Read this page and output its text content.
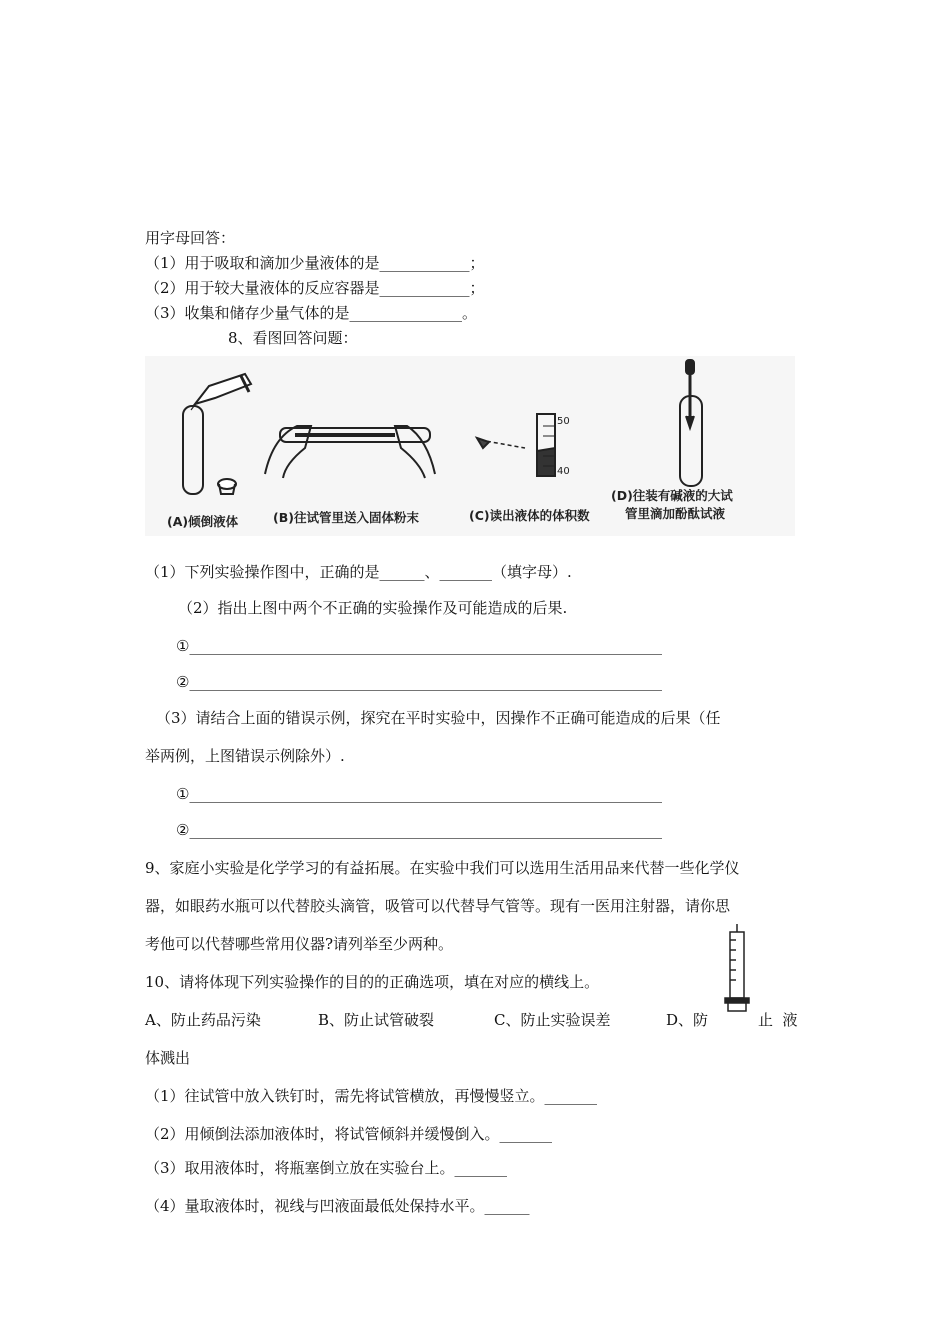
用字母回答：
（1）用于吸取和滴加少量液体的是____________；
（2）用于较大量液体的反应容器是____________；
（3）收集和储存少量气体的是_______________。
8、看图回答问题：
(A)倾倒液体	(B)往试管里送入固体粉末
50
40
(C)读出液体的体积数
(D)往装有碱液的大试
管里滴加酚酞试液
（1）下列实验操作图中，正确的是______、_______（填字母）.
（2）指出上图中两个不正确的实验操作及可能造成的后果.
①_______________________________________________________________
②_______________________________________________________________
（3）请结合上面的错误示例，探究在平时实验中，因操作不正确可能造成的后果（任
举两例，上图错误示例除外）.
①_______________________________________________________________
②_______________________________________________________________
9、家庭小实验是化学学习的有益拓展。在实验中我们可以选用生活用品来代替一些化学仪
器，如眼药水瓶可以代替胶头滴管，吸管可以代替导气管等。现有一医用注射器，请你思
考他可以代替哪些常用仪器?请列举至少两种。
10、请将体现下列实验操作的目的的正确选项，填在对应的横线上。
A、防止药品污染	B、防止试管破裂	C、防止实验误差	D、防	止  液
体溅出
（1）往试管中放入铁钉时，需先将试管横放，再慢慢竖立。_______
（2）用倾倒法添加液体时，将试管倾斜并缓慢倒入。_______
（3）取用液体时，将瓶塞倒立放在实验台上。_______
（4）量取液体时，视线与凹液面最低处保持水平。______
